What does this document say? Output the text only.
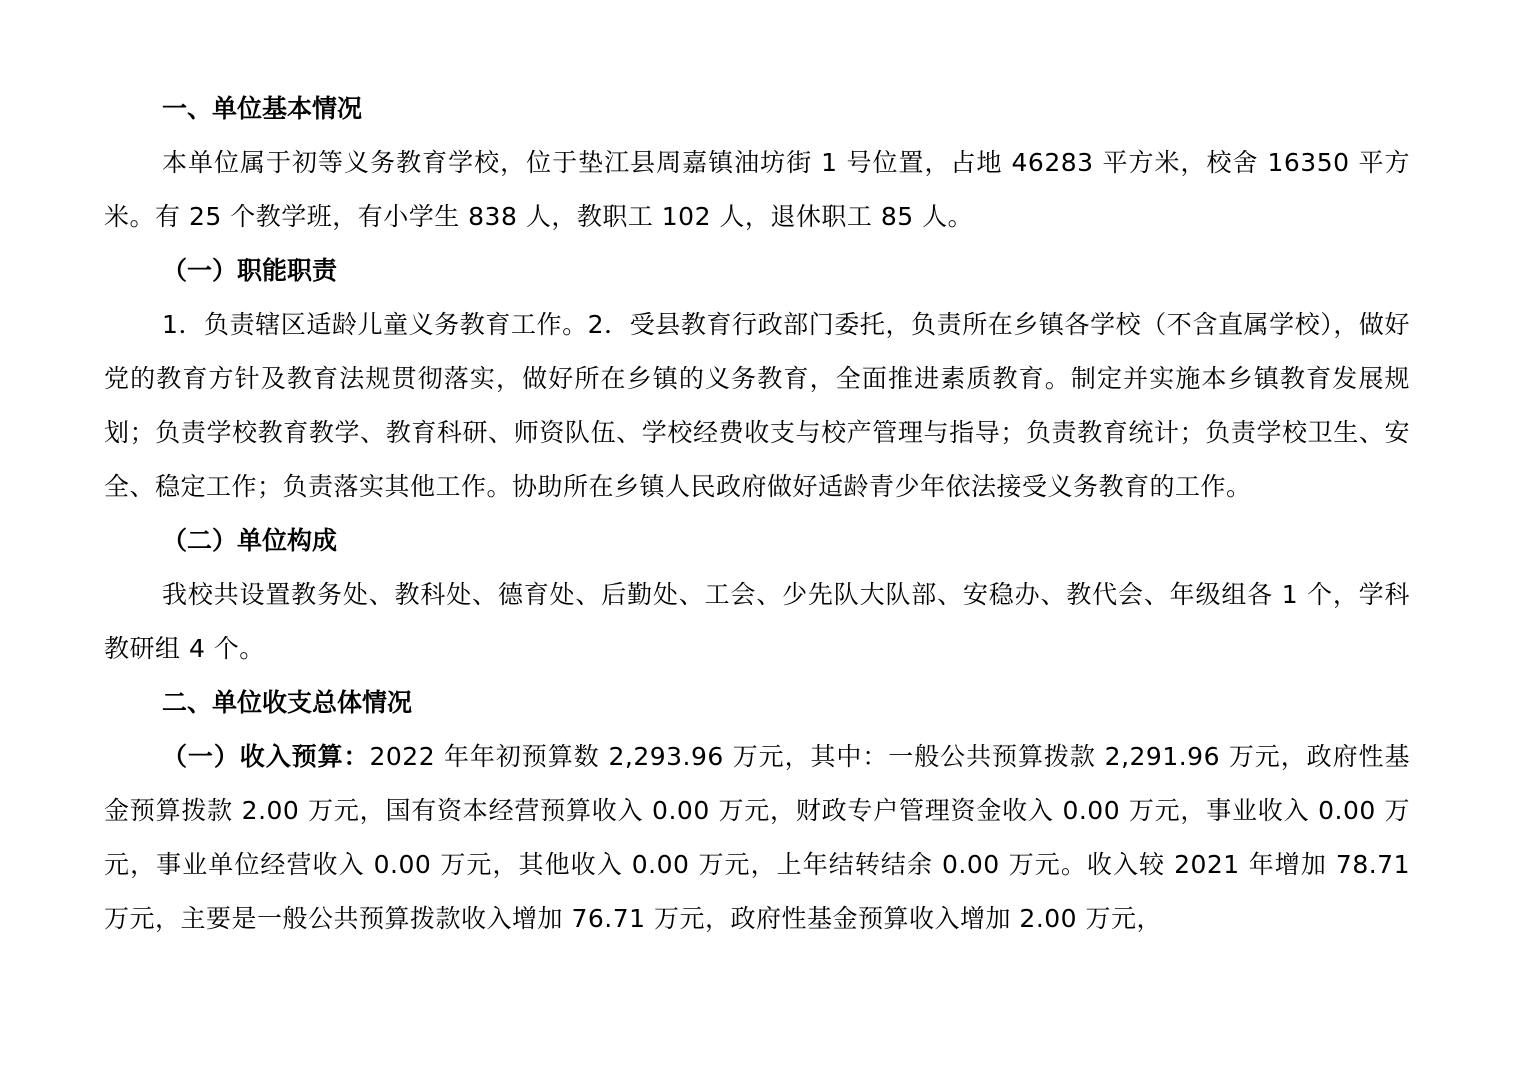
一、单位基本情况

本单位属于初等义务教育学校，位于垫江县周嘉镇油坊街 1 号位置，占地 46283 平方米，校舍 16350 平方米。有 25 个教学班，有小学生 838 人，教职工 102 人，退休职工 85 人。

（一）职能职责

1．负责辖区适龄儿童义务教育工作。2．受县教育行政部门委托，负责所在乡镇各学校（不含直属学校），做好党的教育方针及教育法规贯彻落实，做好所在乡镇的义务教育，全面推进素质教育。制定并实施本乡镇教育发展规划；负责学校教育教学、教育科研、师资队伍、学校经费收支与校产管理与指导；负责教育统计；负责学校卫生、安全、稳定工作；负责落实其他工作。协助所在乡镇人民政府做好适龄青少年依法接受义务教育的工作。

（二）单位构成

我校共设置教务处、教科处、德育处、后勤处、工会、少先队大队部、安稳办、教代会、年级组各 1 个，学科教研组 4 个。

二、单位收支总体情况

（一）收入预算：2022 年年初预算数 2,293.96 万元，其中：一般公共预算拨款 2,291.96 万元，政府性基金预算拨款 2.00 万元，国有资本经营预算收入 0.00 万元，财政专户管理资金收入 0.00 万元，事业收入 0.00 万元，事业单位经营收入 0.00 万元，其他收入 0.00 万元，上年结转结余 0.00 万元。收入较 2021 年增加 78.71 万元，主要是一般公共预算拨款收入增加 76.71 万元，政府性基金预算收入增加 2.00 万元，
